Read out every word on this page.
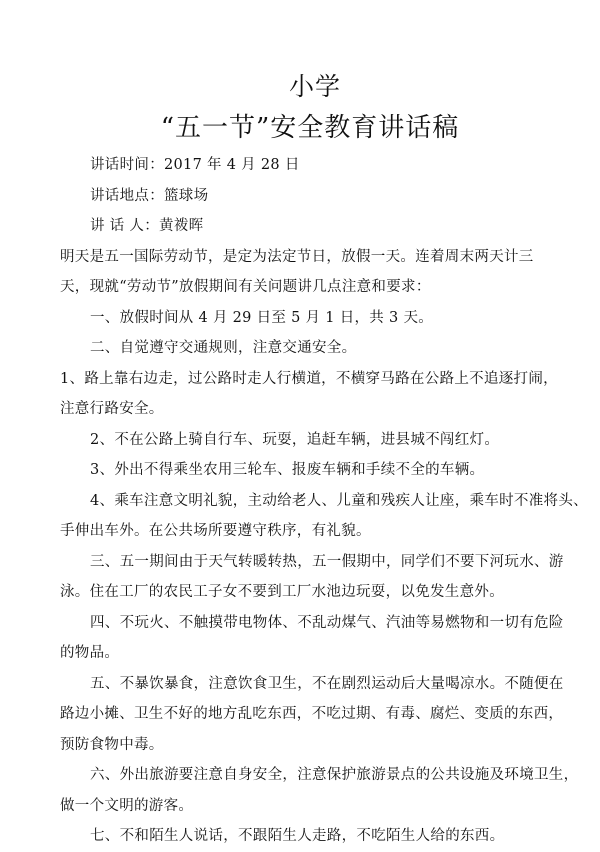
小学
“五一节”安全教育讲话稿
讲话时间：2017 年 4 月 28 日
讲话地点：篮球场
讲 话 人：黄袯晖
明天是五一国际劳动节，是定为法定节日，放假一天。连着周末两天计三
天，现就“劳动节”放假期间有关问题讲几点注意和要求：
一、放假时间从 4 月 29 日至 5 月 1 日，共 3 天。
二、自觉遵守交通规则，注意交通安全。
1、路上靠右边走，过公路时走人行横道，不横穿马路在公路上不追逐打闹，
注意行路安全。
2、不在公路上骑自行车、玩耍，追赶车辆，进县城不闯红灯。
3、外出不得乘坐农用三轮车、报废车辆和手续不全的车辆。
4、乘车注意文明礼貌，主动给老人、儿童和残疾人让座，乘车时不准将头、
手伸出车外。在公共场所要遵守秩序，有礼貌。
三、五一期间由于天气转暖转热，五一假期中，同学们不要下河玩水、游
泳。住在工厂的农民工子女不要到工厂水池边玩耍，以免发生意外。
四、不玩火、不触摸带电物体、不乱动煤气、汽油等易燃物和一切有危险
的物品。
五、不暴饮暴食，注意饮食卫生，不在剧烈运动后大量喝凉水。不随便在
路边小摊、卫生不好的地方乱吃东西，不吃过期、有毒、腐烂、变质的东西，
预防食物中毒。
六、外出旅游要注意自身安全，注意保护旅游景点的公共设施及环境卫生，
做一个文明的游客。
七、不和陌生人说话，不跟陌生人走路，不吃陌生人给的东西。
